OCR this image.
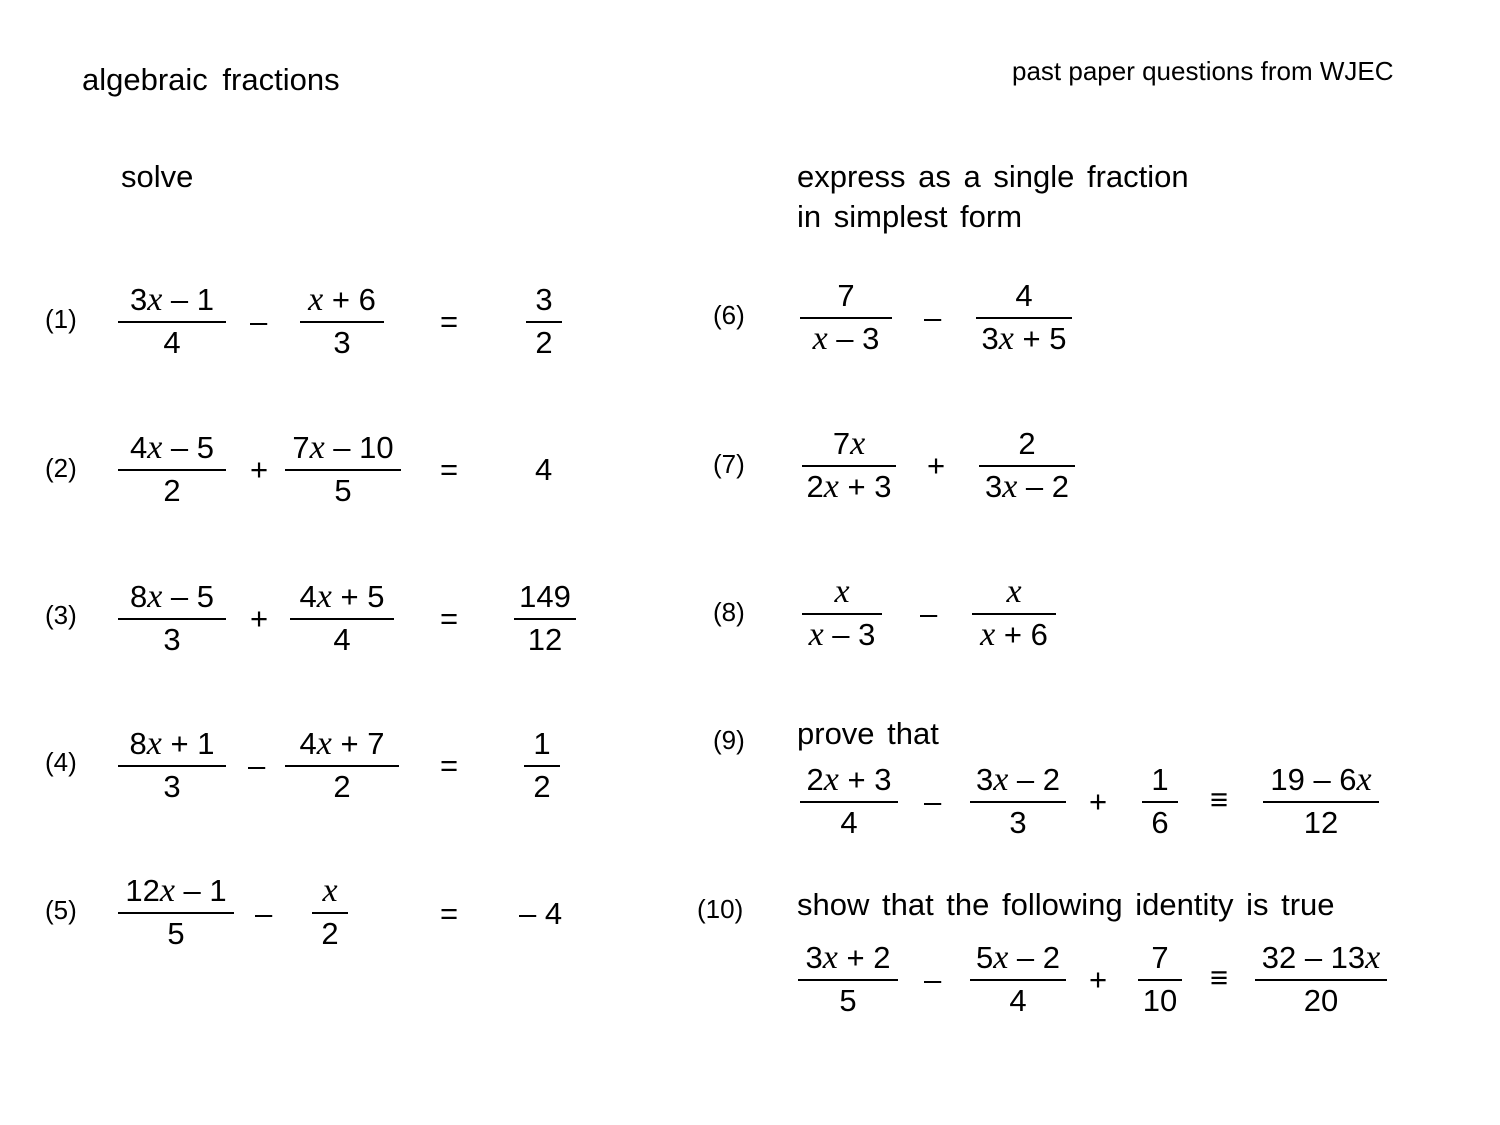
algebraic fractions	past paper questions from WJEC
solve	express as a single fraction
in simplest form
(1)
3x – 1
4
–
x + 6
3
=
3
2
(2)
4x – 5
2
+
7x – 10
5
= 4
(3)
8x – 5
3
+
4x + 5
4
=
149
12
(4)
8x + 1
3
–
4x + 7
2
=
1
2
(5)
12x – 1
5
–
x
2
= – 4
(6)
7
x – 3
–
4
3x + 5
(7)
7x
2x + 3
+
2
3x – 2
(8)
x
x – 3
–
x
x + 6
(9) prove that
2x + 3
4
–
3x – 2
3
+
1
6
≡
19 – 6x
12
(10) show that the following identity is true
3x + 2
5
–
5x – 2
4
+
7
10
≡
32 – 13x
20
